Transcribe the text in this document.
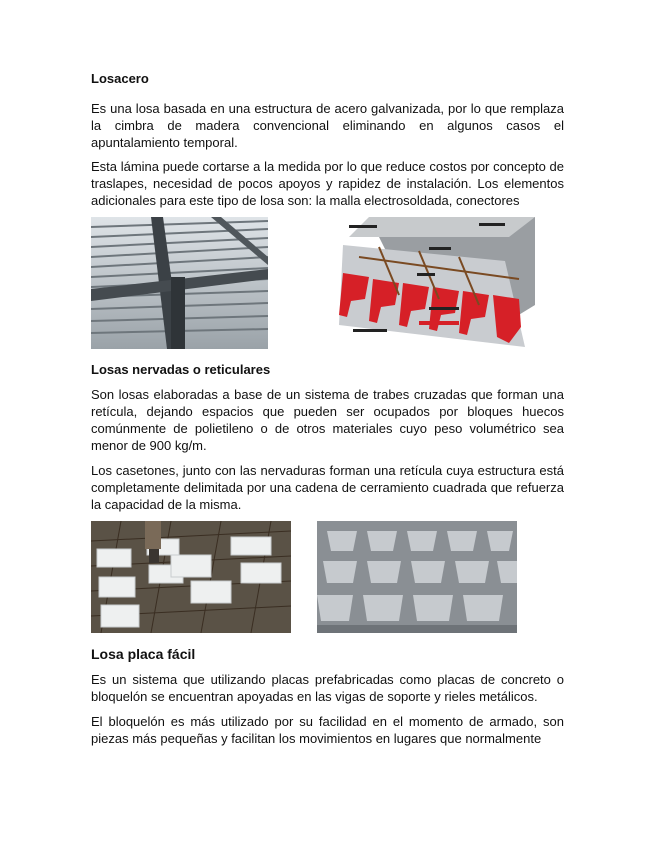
Losacero

Es una losa basada en una estructura de acero galvanizada, por lo que remplaza la cimbra de madera convencional eliminando en algunos casos el apuntalamiento temporal.

Esta lámina puede cortarse a la medida por lo que reduce costos por concepto de traslapes, necesidad de pocos apoyos y rapidez de instalación. Los elementos adicionales para este tipo de losa son: la malla electrosoldada, conectores

Losas nervadas o reticulares

Son losas elaboradas a base de un sistema de trabes cruzadas que forman una retícula, dejando espacios que pueden ser ocupados por bloques huecos comúnmente de polietileno o de otros materiales cuyo peso volumétrico sea menor de 900 kg/m.

Los casetones, junto con las nervaduras forman una retícula cuya estructura está completamente delimitada por una cadena de cerramiento cuadrada que refuerza la capacidad de la misma.

Losa placa fácil

Es un sistema que utilizando placas prefabricadas como placas de concreto o bloquelón se encuentran apoyadas en las vigas de soporte y rieles metálicos.

El bloquelón es más utilizado por su facilidad en el momento de armado, son piezas más pequeñas y facilitan los movimientos en lugares que normalmente
